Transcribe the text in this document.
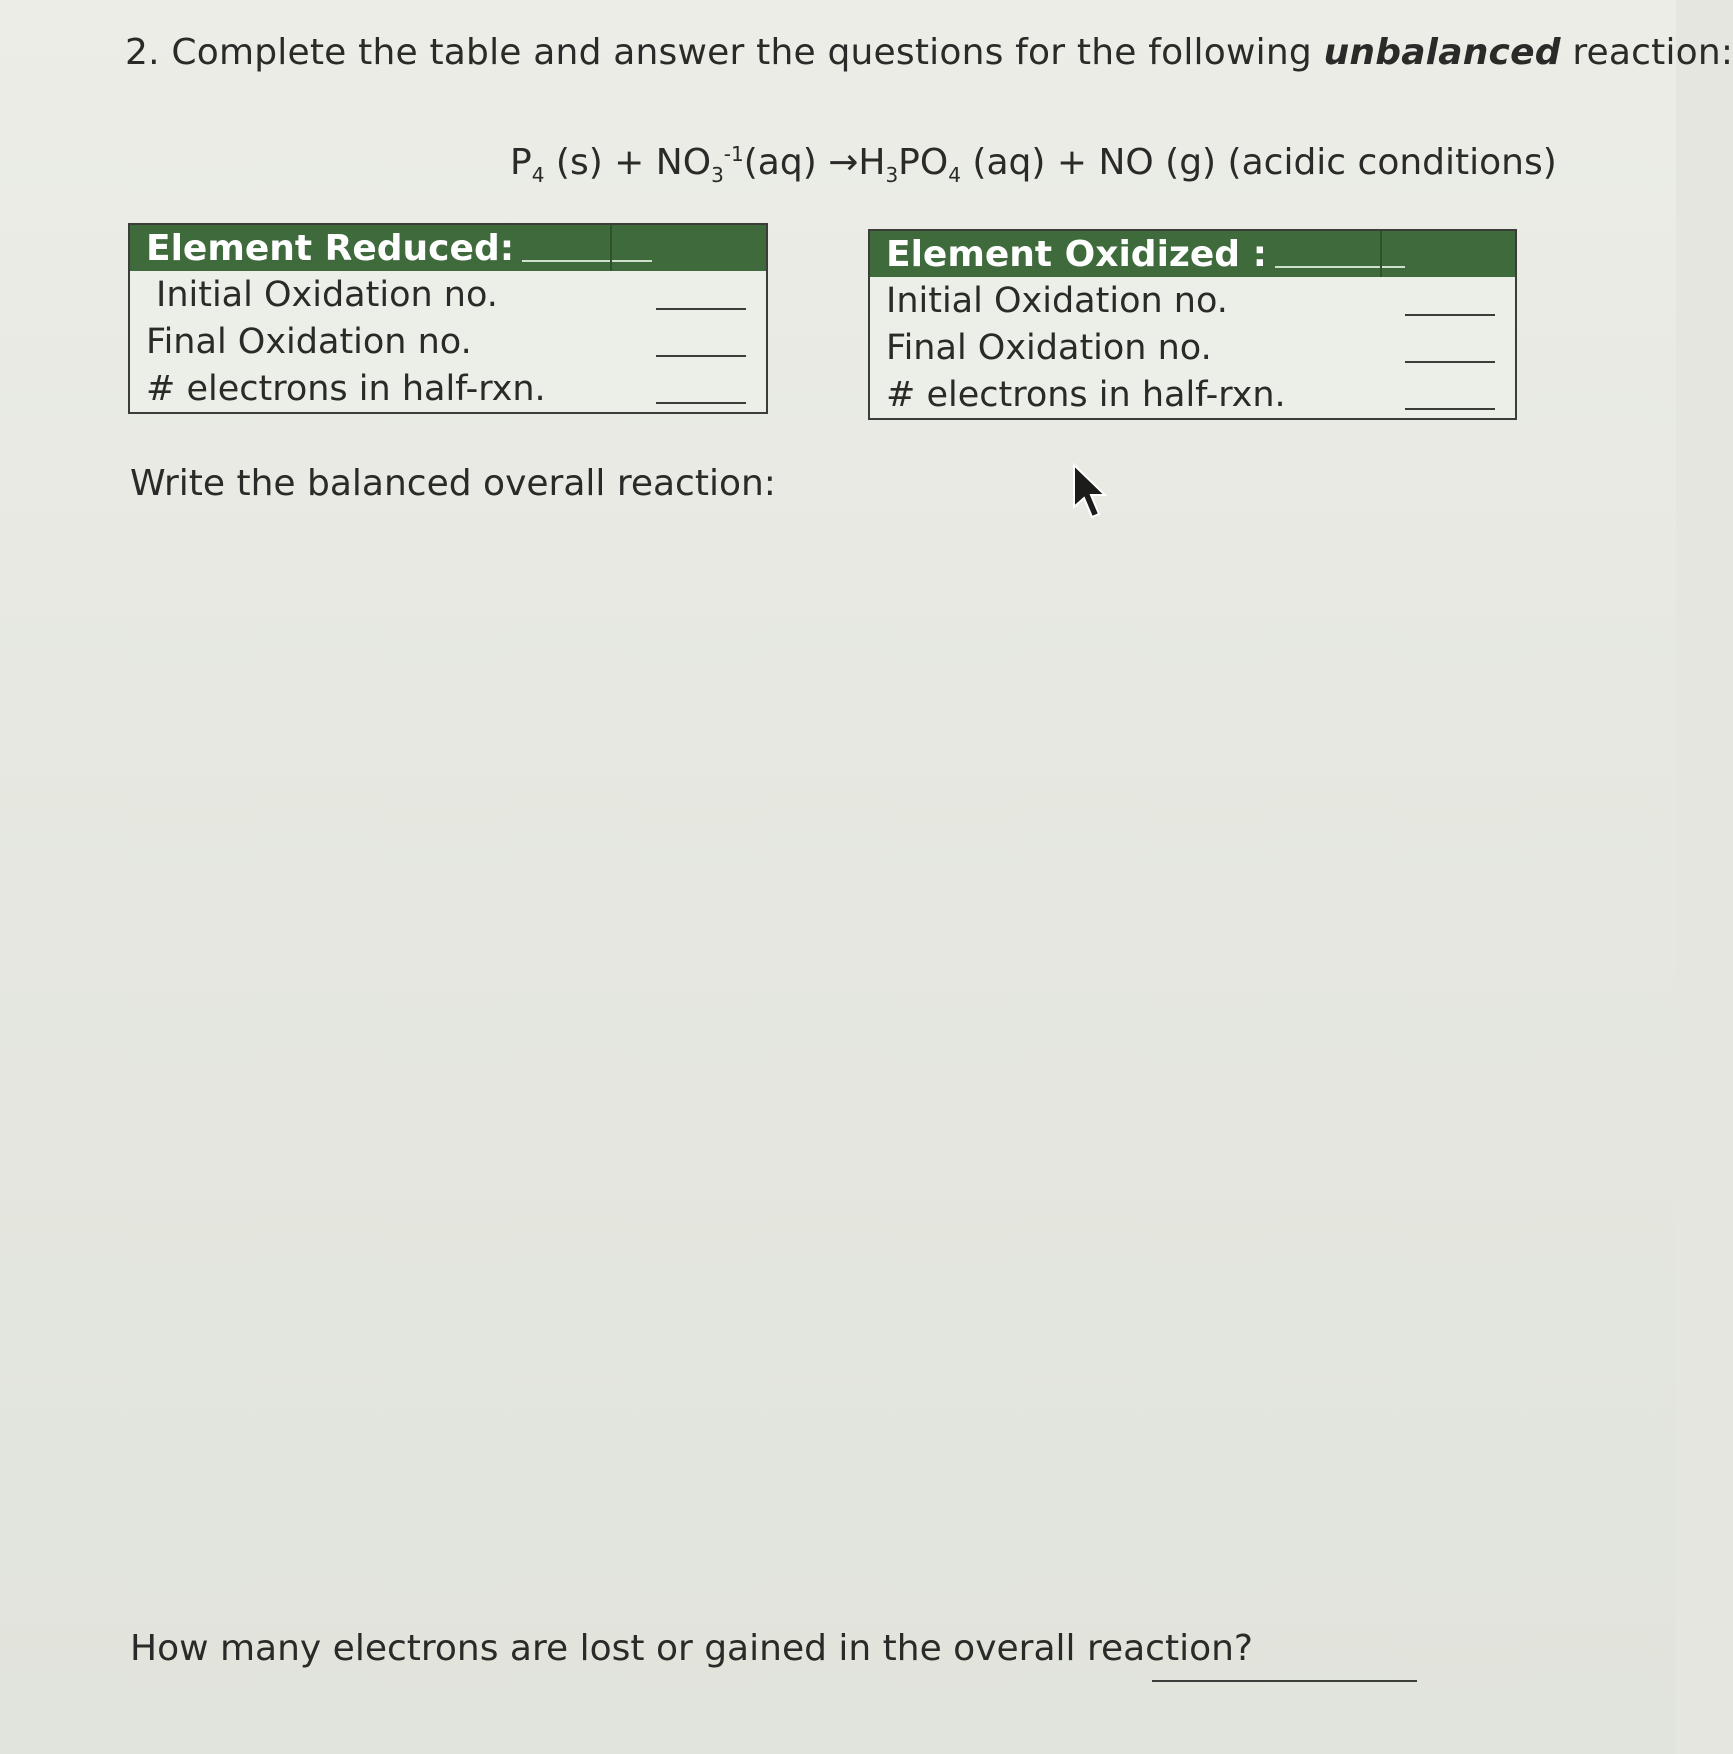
2. Complete the table and answer the questions for the following unbalanced reaction:
$P_4$ $(s) + NO_3^{-1}(aq) \to H_3PO_4$ (aq) + NO (g) (acidic conditions)
Element Reduced:
Initial Oxidation no.
Final Oxidation no.
# electrons in half-rxn.
Element Oxidized :
Initial Oxidation no.
Final Oxidation no.
# electrons in half-rxn.
Write the balanced overall reaction:
How many electrons are lost or gained in the overall reaction?
